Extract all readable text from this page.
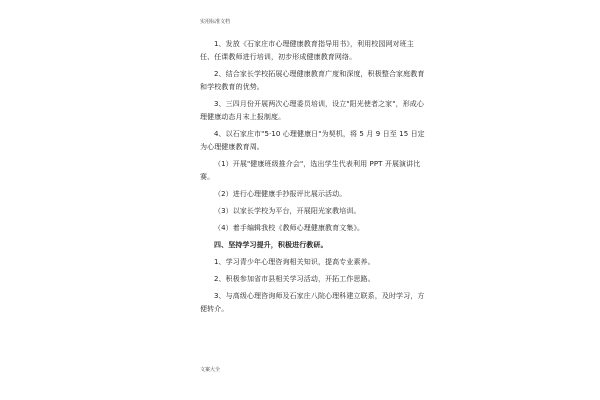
实用标准文档

1、发放《石家庄市心理健康教育指导用书》，利用校园网对班主任、任课教师进行培训，初步形成健康教育网络。

2、结合家长学校拓展心理健康教育广度和深度，积极整合家庭教育和学校教育的优势。

3、三四月份开展两次心理委员培训，设立"阳光使者之家"，形成心理健康动态月末上报制度。

4、以石家庄市"5·10 心理健康日"为契机，将 5 月 9 日至 15 日定为心理健康教育周。

（1）开展"健康班级推介会"，选出学生代表利用 PPT 开展演讲比赛。

（2）进行心理健康手抄报评比展示活动。

（3）以家长学校为平台，开展阳光家教培训。

（4）着手编辑我校《教师心理健康教育文集》。

四、坚持学习提升，积极进行教研。

1、学习青少年心理咨询相关知识，提高专业素养。

2、积极参加省市县相关学习活动，开拓工作思路。

3、与高级心理咨询师及石家庄八院心理科建立联系，及时学习，方便转介。

文案大全
